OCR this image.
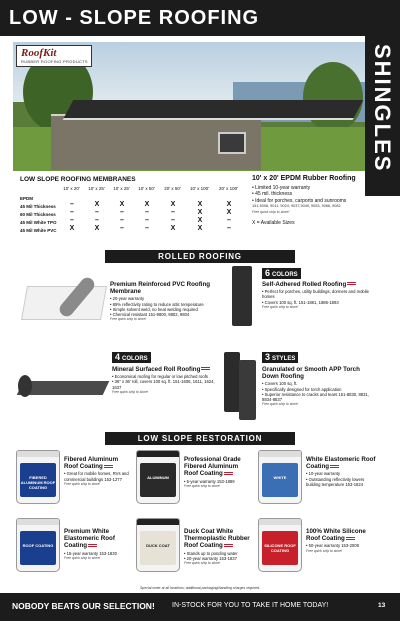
LOW - SLOPE ROOFING
SHINGLES
RoofKit
RUBBER ROOFING PRODUCTS
LOW SLOPE ROOFING MEMBRANES
10' x 20'	10' x 25'	10' x 25'	10' x 50'	20' x 50'	10' x 100'	20' x 100'
EPDM
45 Mil Thickness	–	X	X	X	X	X	X
60 Mil Thickness	–	–	–	–	–	X	X
45 Mil White TPO	–	–	–	–	–	X	–
45 Mil White PVC	X	X	–	–	X	X	–
10' x 20' EPDM Rubber Roofing
• Limited 10-year warranty
• 45 mil. thickness
• Ideal for porches, carports and sunrooms
151-5008, 9011, 9024, 9037,9049, 9053, 9066, 9082
Free quick ship to store!
X = Available Sizes
ROLLED ROOFING
Premium Reinforced PVC Roofing Membrane
• 20-year warranty
• 85% reflectivity rating to reduce attic temperature
• Simple solvent weld, no heat welding required
• Chemical resistant 151-9800, 9802, 9804
Free quick ship to store!
6 COLORS
Self-Adhered Rolled Roofing
• Perfect for porches, utility buildings, dormers and mobile homes
• Covers 100 sq. ft. 151-1881, 1886-1893
Free quick ship to store!
4 COLORS
Mineral Surfaced Roll Roofing
• Economical roofing for regular or low pitched roofs
• 36" x 36' roll, covers 100 sq. ft. 151-1606, 1611, 1624, 1637
Free quick ship to store!
3 STYLES
Granulated or Smooth APP Torch Down Roofing
• Covers 100 sq. ft.
• Specifically designed for torch application
• Superior resistance to cracks and tears 151-8830, 8831, 8834-8837
Free quick ship to store!
LOW SLOPE RESTORATION
FIBERED ALUMINUM ROOF COATING
Fibered Aluminum Roof Coating
• Great for mobile homes, RVs and commercial buildings 153-1277
Free quick ship to store!
ALUMINUM
Professional Grade Fibered Aluminum Roof Coating
• 5-year warranty 153-1889
Free quick ship to store!
WHITE
White Elastomeric Roof Coating
• 10-year warranty
• Outstanding reflectivity lowers building temperature 153-1824
ROOF COATING
Premium White Elastomeric Roof Coating
• 15-year warranty 153-1830
Free quick ship to store!
DUCK COAT
Duck Coat White Thermoplastic Rubber Roof Coating
• Stands up to ponding water
• 20-year warranty 153-1837
Free quick ship to store!
SILICONE ROOF COATING
100% White Silicone Roof Coating
• 50-year warranty 153-2008
Free quick ship to store!
Special order at all locations; additional packaging/handling charges required.
NOBODY BEATS OUR SELECTION! IN-STOCK FOR YOU TO TAKE IT HOME TODAY!	13
